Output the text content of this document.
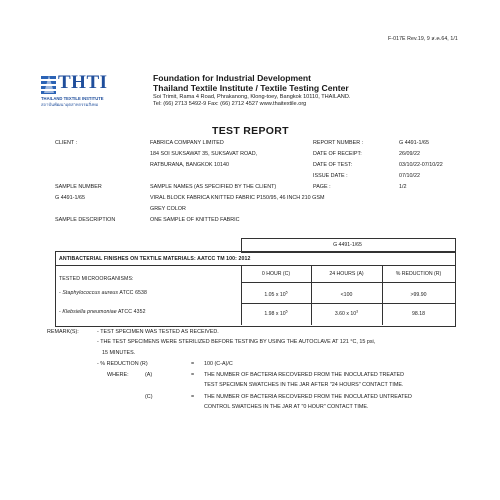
F-017E Rev.19, 9 ส.ค.64, 1/1
THTI
THAILAND TEXTILE INSTITUTE
สถาบันพัฒนาอุตสาหกรรมสิ่งทอ
Foundation for Industrial Development
Thailand Textile Institute / Textile Testing Center
Soi Trimit, Rama 4 Road, Phrakanong, Klong-toey, Bangkok 10110, THAILAND.
Tel: (66) 2713 5492-9 Fax: (66) 2712 4527 www.thaitextile.org
TEST REPORT
CLIENT :	FABRICA COMPANY LIMITED
184 SOI SUKSAWAT 35, SUKSAVAT ROAD,
RATBURANA, BANGKOK 10140
REPORT NUMBER :	G 4491-1/65
DATE OF RECEIPT:	26/09/22
DATE OF TEST:	03/10/22-07/10/22
ISSUE DATE :	07/10/22
PAGE :	1/2
SAMPLE NUMBER
G 4491-1/65
SAMPLE NAMES (AS SPECIFIED BY THE CLIENT)
VIRAL BLOCK FABRICA KNITTED FABRIC P150/95, 46 INCH 210 GSM
GREY COLOR
SAMPLE DESCRIPTION	ONE SAMPLE OF KNITTED FABRIC
G 4491-1/65
ANTIBACTERIAL FINISHES ON TEXTILE MATERIALS: AATCC TM 100: 2012
TESTED MICROORGANISMS:
0 HOUR (C)	24 HOURS (A)	% REDUCTION (R)
- Staphylococcus aureus ATCC 6538	1.05 x $10^5$	<100	>99.90
- Klebsiella pneumoniae ATCC 4352	1.98 x $10^5$	3.60 x $10^3$	98.18
REMARK(S):	- TEST SPECIMEN WAS TESTED AS RECEIVED.
- THE TEST SPECIMENS WERE STERILIZED BEFORE TESTING BY USING THE AUTOCLAVE AT 121 °C, 15 psi,
15 MINUTES.
- % REDUCTION (R)	= 100 (C-A)/C
WHERE:	(A)	= THE NUMBER OF BACTERIA RECOVERED FROM THE INOCULATED TREATED
TEST SPECIMEN SWATCHES IN THE JAR AFTER "24 HOURS" CONTACT TIME.
(C)	= THE NUMBER OF BACTERIA RECOVERED FROM THE INOCULATED UNTREATED
CONTROL SWATCHES IN THE JAR AT "0 HOUR" CONTACT TIME.
